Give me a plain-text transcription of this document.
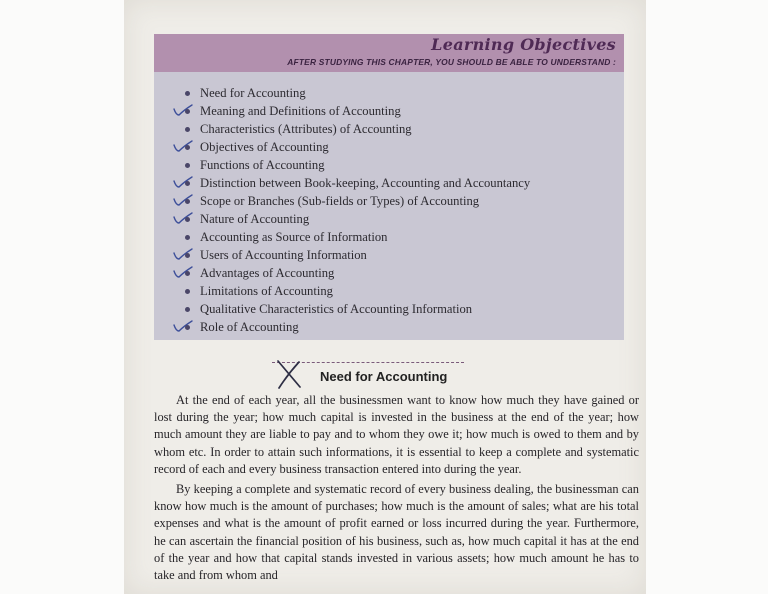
Learning Objectives
AFTER STUDYING THIS CHAPTER, YOU SHOULD BE ABLE TO UNDERSTAND :
Need for Accounting
Meaning and Definitions of Accounting
Characteristics (Attributes) of Accounting
Objectives of Accounting
Functions of Accounting
Distinction between Book-keeping, Accounting and Accountancy
Scope or Branches (Sub-fields or Types) of Accounting
Nature of Accounting
Accounting as Source of Information
Users of Accounting Information
Advantages of Accounting
Limitations of Accounting
Qualitative Characteristics of Accounting Information
Role of Accounting
Need for Accounting

At the end of each year, all the businessmen want to know how much they have gained or lost during the year; how much capital is invested in the business at the end of the year; how much amount they are liable to pay and to whom they owe it; how much is owed to them and by whom etc. In order to attain such informations, it is essential to keep a complete and systematic record of each and every business transaction entered into during the year.

By keeping a complete and systematic record of every business dealing, the businessman can know how much is the amount of purchases; how much is the amount of sales; what are his total expenses and what is the amount of profit earned or loss incurred during the year. Furthermore, he can ascertain the financial position of his business, such as, how much capital it has at the end of the year and how that capital stands invested in various assets; how much amount he has to take and from whom and
